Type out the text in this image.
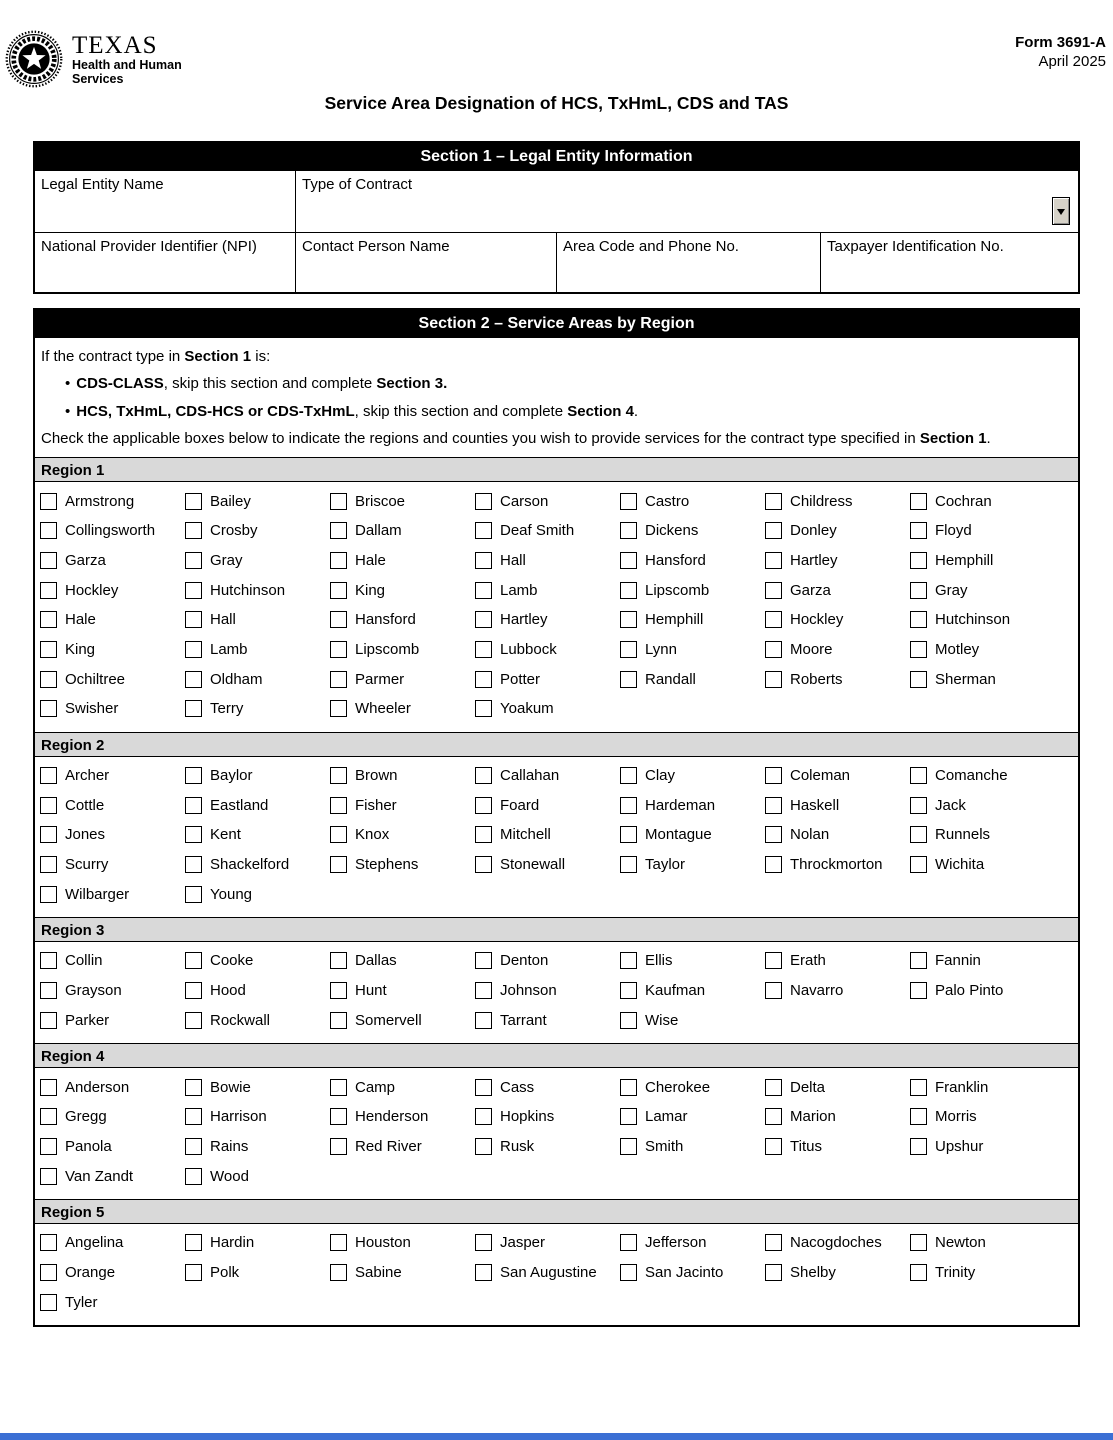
TEXAS
Health and Human
Services
Form 3691-A
April 2025
Service Area Designation of HCS, TxHmL, CDS and TAS
Section 1 – Legal Entity Information
Legal Entity Name	Type of Contract
National Provider Identifier (NPI)	Contact Person Name	Area Code and Phone No.	Taxpayer Identification No.
Section 2 – Service Areas by Region
If the contract type in Section 1 is:
• CDS-CLASS, skip this section and complete Section 3.
• HCS, TxHmL, CDS-HCS or CDS-TxHmL, skip this section and complete Section 4.
Check the applicable boxes below to indicate the regions and counties you wish to provide services for the contract type specified in Section 1.
Region 1
Armstrong	Bailey	Briscoe	Carson	Castro	Childress	Cochran
Collingsworth	Crosby	Dallam	Deaf Smith	Dickens	Donley	Floyd
Garza	Gray	Hale	Hall	Hansford	Hartley	Hemphill
Hockley	Hutchinson	King	Lamb	Lipscomb	Garza	Gray
Hale	Hall	Hansford	Hartley	Hemphill	Hockley	Hutchinson
King	Lamb	Lipscomb	Lubbock	Lynn	Moore	Motley
Ochiltree	Oldham	Parmer	Potter	Randall	Roberts	Sherman
Swisher	Terry	Wheeler	Yoakum
Region 2
Archer	Baylor	Brown	Callahan	Clay	Coleman	Comanche
Cottle	Eastland	Fisher	Foard	Hardeman	Haskell	Jack
Jones	Kent	Knox	Mitchell	Montague	Nolan	Runnels
Scurry	Shackelford	Stephens	Stonewall	Taylor	Throckmorton	Wichita
Wilbarger	Young
Region 3
Collin	Cooke	Dallas	Denton	Ellis	Erath	Fannin
Grayson	Hood	Hunt	Johnson	Kaufman	Navarro	Palo Pinto
Parker	Rockwall	Somervell	Tarrant	Wise
Region 4
Anderson	Bowie	Camp	Cass	Cherokee	Delta	Franklin
Gregg	Harrison	Henderson	Hopkins	Lamar	Marion	Morris
Panola	Rains	Red River	Rusk	Smith	Titus	Upshur
Van Zandt	Wood
Region 5
Angelina	Hardin	Houston	Jasper	Jefferson	Nacogdoches	Newton
Orange	Polk	Sabine	San Augustine	San Jacinto	Shelby	Trinity
Tyler
